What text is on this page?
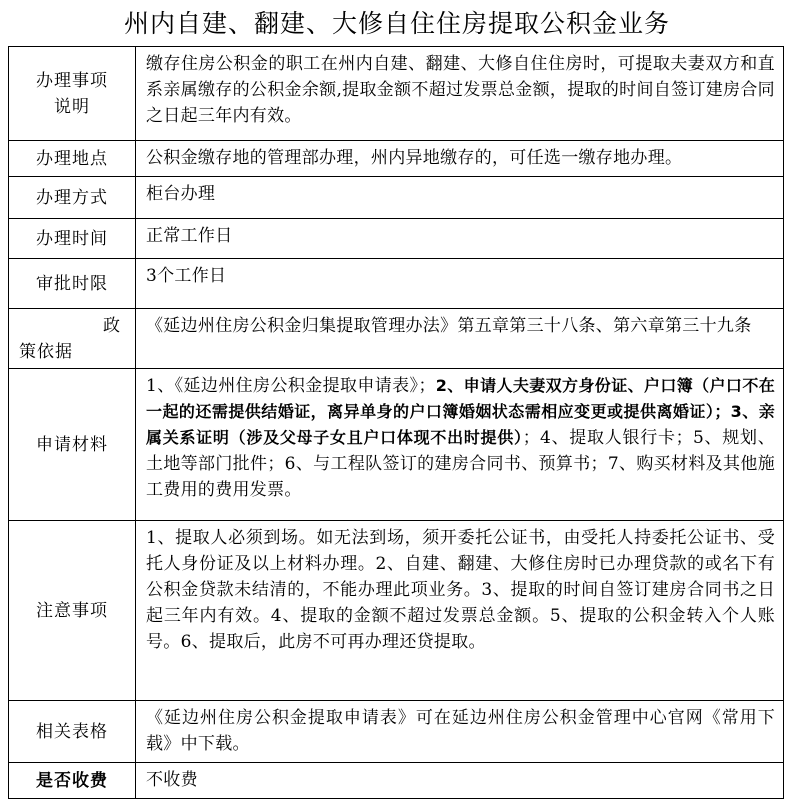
州内自建、翻建、大修自住住房提取公积金业务
办理事项
说明	缴存住房公积金的职工在州内自建、翻建、大修自住住房时，可提取夫妻双方和直系亲属缴存的公积金余额,提取金额不超过发票总金额，提取的时间自签订建房合同之日起三年内有效。
办理地点	公积金缴存地的管理部办理，州内异地缴存的，可任选一缴存地办理。
办理方式	柜台办理
办理时间	正常工作日
审批时限	3个工作日

政
策依据	《延边州住房公积金归集提取管理办法》第五章第三十八条、第六章第三十九条
申请材料	1、《延边州住房公积金提取申请表》；2、申请人夫妻双方身份证、户口簿（户口不在一起的还需提供结婚证，离异单身的户口簿婚姻状态需相应变更或提供离婚证）；3、亲属关系证明（涉及父母子女且户口体现不出时提供）；4、提取人银行卡；5、规划、土地等部门批件；6、与工程队签订的建房合同书、预算书；7、购买材料及其他施工费用的费用发票。
注意事项	1、提取人必须到场。如无法到场，须开委托公证书，由受托人持委托公证书、受托人身份证及以上材料办理。2、自建、翻建、大修住房时已办理贷款的或名下有公积金贷款未结清的，不能办理此项业务。3、提取的时间自签订建房合同书之日起三年内有效。4、提取的金额不超过发票总金额。5、提取的公积金转入个人账号。6、提取后，此房不可再办理还贷提取。
相关表格	《延边州住房公积金提取申请表》可在延边州住房公积金管理中心官网《常用下载》中下载。
是否收费	不收费
